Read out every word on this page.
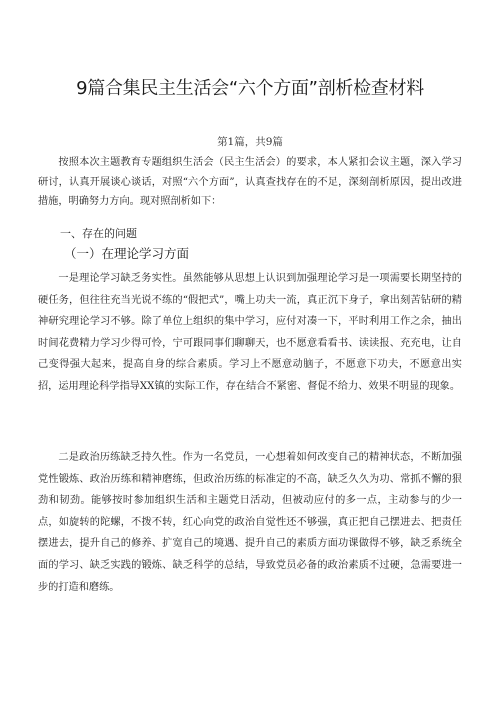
9篇合集民主生活会“六个方面”剖析检查材料
第1篇，共9篇

按照本次主题教育专题组织生活会（民主生活会）的要求，本人紧扣会议主题，深入学习研讨，认真开展谈心谈话，对照“六个方面”，认真查找存在的不足，深刻剖析原因，提出改进措施，明确努力方向。现对照剖析如下：

一、存在的问题
（一）在理论学习方面

一是理论学习缺乏务实性。虽然能够从思想上认识到加强理论学习是一项需要长期坚持的硬任务，但往往充当光说不练的“假把式”，嘴上功夫一流，真正沉下身子，拿出刻苦钻研的精神研究理论学习不够。除了单位上组织的集中学习，应付对凑一下，平时利用工作之余，抽出时间花费精力学习少得可怜，宁可跟同事们聊聊天，也不愿意看看书、读读报、充充电，让自己变得强大起来，提高自身的综合素质。学习上不愿意动脑子，不愿意下功夫，不愿意出实招，运用理论科学指导XX镇的实际工作，存在结合不紧密、督促不给力、效果不明显的现象。

二是政治历练缺乏持久性。作为一名党员，一心想着如何改变自己的精神状态，不断加强党性锻炼、政治历练和精神磨练，但政治历练的标准定的不高，缺乏久久为功、常抓不懈的狠劲和韧劲。能够按时参加组织生活和主题党日活动，但被动应付的多一点，主动参与的少一点，如旋转的陀螺，不拨不转，红心向党的政治自觉性还不够强，真正把自己摆进去、把责任摆进去，提升自己的修养、扩宽自己的境遇、提升自己的素质方面功课做得不够，缺乏系统全面的学习、缺乏实践的锻炼、缺乏科学的总结，导致党员必备的政治素质不过硬，急需要进一步的打造和磨练。
